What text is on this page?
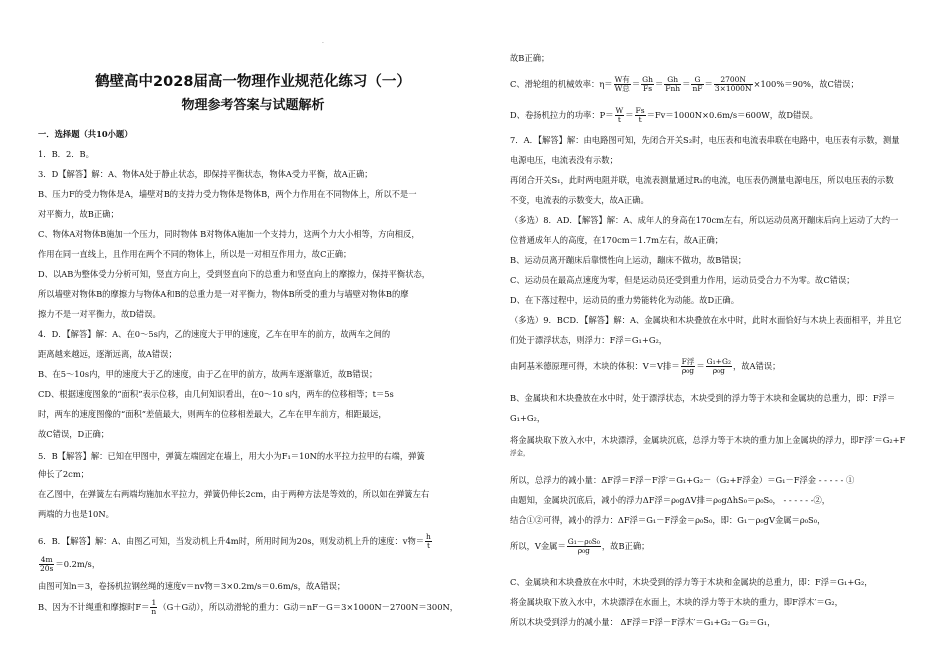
·
鹤壁高中2028届高一物理作业规范化练习（一）
物理参考答案与试题解析
一．选择题（共10小题）
1．B．2．B。
3．D【解答】解：A、物体A处于静止状态，即保持平衡状态，物体A受力平衡，故A正确；
B、压力F的受力物体是A，墙壁对B的支持力受力物体是物体B，两个力作用在不同物体上，所以不是一
对平衡力，故B正确；
C、物体A对物体B施加一个压力，同时物体 B对物体A施加一个支持力，这两个力大小相等，方向相反，
作用在同一直线上，且作用在两个不同的物体上，所以是一对相互作用力，故C正确；
D、以AB为整体受力分析可知，竖直方向上，受到竖直向下的总重力和竖直向上的摩擦力，保持平衡状态，
所以墙壁对物体B的摩擦力与物体A和B的总重力是一对平衡力，物体B所受的重力与墙壁对物体B的摩
擦力不是一对平衡力，故D错误。
4．D．【解答】解：A、在0～5s内，乙的速度大于甲的速度，乙车在甲车的前方，故两车之间的
距离越来越远，逐渐远离，故A错误；
B、在5～10s内，甲的速度大于乙的速度，由于乙在甲的前方，故两车逐渐靠近，故B错误；
CD、根据速度图象的“面积”表示位移，由几何知识看出，在0～10 s内，两车的位移相等；t＝5s
时，两车的速度图像的“面积”差值最大，则两车的位移相差最大，乙车在甲车前方，相距最远，
故C错误，D正确；
5．B【解答】解：已知在甲图中，弹簧左端固定在墙上，用大小为F₁＝10N的水平拉力拉甲的右端，弹簧
伸长了2cm；
在乙图中，在弹簧左右两端均施加水平拉力，弹簧仍伸长2cm，由于两种方法是等效的，所以如在弹簧左右
两端的力也是10N。
6．B．【解答】解：A、由图乙可知，当发动机上升4m时，所用时间为20s，则发动机上升的速度：v物＝ $\frac{h}{t}$
$\frac{4m}{20s} =0.2m/s$，
由图可知n＝3，卷扬机拉钢丝绳的速度v＝nv物＝3×0.2m/s＝0.6m/s，故A错误；
B、因为不计绳重和摩擦时$F= \frac{1}{n} (G+G$动），所以动滑轮的重力：G动＝nF－G＝3×1000N－2700N＝300N，
故B正确；
C、滑轮组的机械效率：$\eta= \frac{\text{W有}}{\text{W总}} = \frac{Gh}{Fs} = \frac{Gh}{\text{Fnh}} = \frac{G}{nF} = \frac{2700N}{3\times 1000N} \times 100\%=90\%$，故C错误；
D、卷扬机拉力的功率：$P= \frac{W}{t} = \frac{Fs}{t} =Fv=1000N\times 0.6m/s=600W$，故D错误。
7．A．【解答】解：由电路图可知，先闭合开关S₂时，电压表和电流表串联在电路中，电压表有示数，测量
电源电压，电流表没有示数；
再闭合开关S₁，此时两电阻并联，电流表测量通过R₁的电流，电压表仍测量电源电压，所以电压表的示数
不变，电流表的示数变大，故A正确。
（多选）8．AD．【解答】解：A、成年人的身高在170cm左右，所以运动员离开蹦床后向上运动了大约一
位普通成年人的高度，在170cm＝1.7m左右，故A正确；
B、运动员离开蹦床后靠惯性向上运动，蹦床不做功，故B错误；
C、运动员在最高点速度为零，但是运动员还受到重力作用，运动员受合力不为零。故C错误；
D、在下落过程中，运动员的重力势能转化为动能。故D正确。
（多选）9．BCD．【解答】解：A、金属块和木块叠放在水中时，此时水面恰好与木块上表面相平，并且它
们处于漂浮状态，则浮力：F浮＝G₁+G₂，
由阿基米德原理可得，木块的体积：V＝V排＝ $\frac{\text{F浮}}{\text{ρ₀g}} = \frac{\text{G₁+G₂}}{\text{ρ₀g}}$ ，故A错误；
B、金属块和木块叠放在水中时，处于漂浮状态，木块受到的浮力等于木块和金属块的总重力，即：F浮＝
G₁+G₂，
将金属块取下放入水中，木块漂浮，金属块沉底，总浮力等于木块的重力加上金属块的浮力，即F浮′＝G₂+F
浮金，
所以，总浮力的减小量：ΔF浮＝F浮－F浮′＝G₁+G₂－（G₂+F浮金）＝G₁－F浮金 - - - - - ①
由题知，金属块沉底后，减小的浮力ΔF浮＝ρ₀gΔV排＝ρ₀gΔhS₀＝ρ₀S₀， - - - - - -②，
结合①②可得，减小的浮力：ΔF浮＝G₁－F浮金＝ρ₀S₀，即：G₁－ρ₀gV金属＝ρ₀S₀，
所以，V金属＝ $\frac{\text{G₁－ρ₀S₀}}{\text{ρ₀g}}$ ，故B正确；
C、金属块和木块叠放在水中时，木块受到的浮力等于木块和金属块的总重力，即：F浮＝G₁+G₂，
将金属块取下放入水中，木块漂浮在水面上，木块的浮力等于木块的重力，即F浮木′＝G₂，
所以木块受到浮力的减小量： ΔF浮＝F浮－F浮木′＝G₁+G₂－G₂＝G₁，
